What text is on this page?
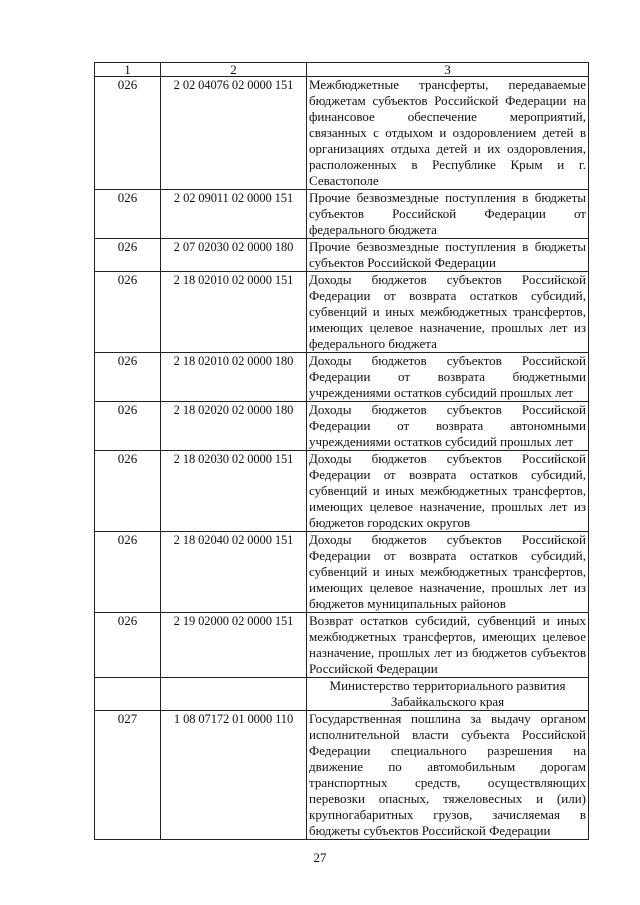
1	2	3
026	2 02 04076 02 0000 151	Межбюджетные трансферты, передаваемые бюджетам субъектов Российской Федерации на финансовое обеспечение мероприятий, связанных с отдыхом и оздоровлением детей в организациях отдыха детей и их оздоровления, расположенных в Республике Крым и г. Севастополе
026	2 02 09011 02 0000 151	Прочие безвозмездные поступления в бюджеты субъектов Российской Федерации от федерального бюджета
026	2 07 02030 02 0000 180	Прочие безвозмездные поступления в бюджеты субъектов Российской Федерации
026	2 18 02010 02 0000 151	Доходы бюджетов субъектов Российской Федерации от возврата остатков субсидий, субвенций и иных межбюджетных трансфертов, имеющих целевое назначение, прошлых лет из федерального бюджета
026	2 18 02010 02 0000 180	Доходы бюджетов субъектов Российской Федерации от возврата бюджетными учреждениями остатков субсидий прошлых лет
026	2 18 02020 02 0000 180	Доходы бюджетов субъектов Российской Федерации от возврата автономными учреждениями остатков субсидий прошлых лет
026	2 18 02030 02 0000 151	Доходы бюджетов субъектов Российской Федерации от возврата остатков субсидий, субвенций и иных межбюджетных трансфертов, имеющих целевое назначение, прошлых лет из бюджетов городских округов
026	2 18 02040 02 0000 151	Доходы бюджетов субъектов Российской Федерации от возврата остатков субсидий, субвенций и иных межбюджетных трансфертов, имеющих целевое назначение, прошлых лет из бюджетов муниципальных районов
026	2 19 02000 02 0000 151	Возврат остатков субсидий, субвенций и иных межбюджетных трансфертов, имеющих целевое назначение, прошлых лет из бюджетов субъектов Российской Федерации
		Министерство территориального развития Забайкальского края
027	1 08 07172 01 0000 110	Государственная пошлина за выдачу органом исполнительной власти субъекта Российской Федерации специального разрешения на движение по автомобильным дорогам транспортных средств, осуществляющих перевозки опасных, тяжеловесных и (или) крупногабаритных грузов, зачисляемая в бюджеты субъектов Российской Федерации
27
